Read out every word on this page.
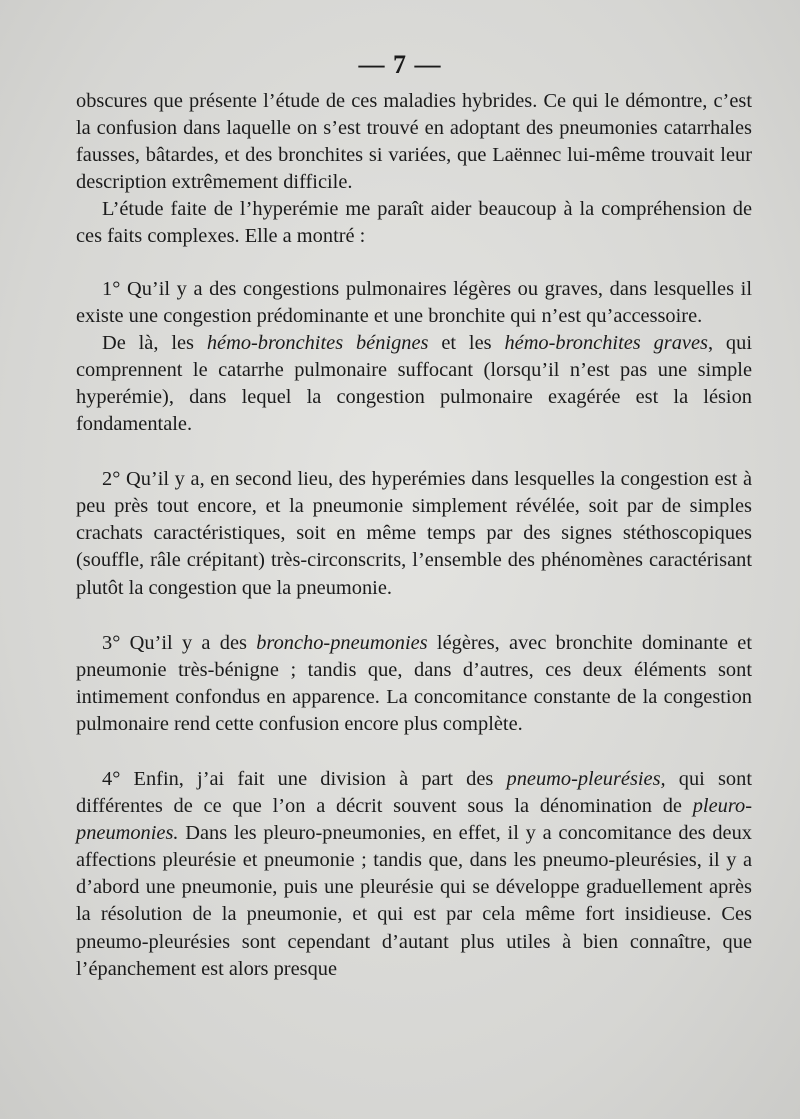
— 7 —

obscures que présente l’étude de ces maladies hybrides. Ce qui le démontre, c’est la confusion dans laquelle on s’est trouvé en adoptant des pneumonies catarrhales fausses, bâtardes, et des bronchites si variées, que Laënnec lui-même trouvait leur description extrêmement difficile.

L’étude faite de l’hyperémie me paraît aider beaucoup à la compréhension de ces faits complexes. Elle a montré :

1° Qu’il y a des congestions pulmonaires légères ou graves, dans lesquelles il existe une congestion prédominante et une bronchite qui n’est qu’accessoire.

De là, les hémo-bronchites bénignes et les hémo-bronchites graves, qui comprennent le catarrhe pulmonaire suffocant (lorsqu’il n’est pas une simple hyperémie), dans lequel la congestion pulmonaire exagérée est la lésion fondamentale.

2° Qu’il y a, en second lieu, des hyperémies dans lesquelles la congestion est à peu près tout encore, et la pneumonie simplement révélée, soit par de simples crachats caractéristiques, soit en même temps par des signes stéthoscopiques (souffle, râle crépitant) très-circonscrits, l’ensemble des phénomènes caractérisant plutôt la congestion que la pneumonie.

3° Qu’il y a des broncho-pneumonies légères, avec bronchite dominante et pneumonie très-bénigne ; tandis que, dans d’autres, ces deux éléments sont intimement confondus en apparence. La concomitance constante de la congestion pulmonaire rend cette confusion encore plus complète.

4° Enfin, j’ai fait une division à part des pneumo-pleurésies, qui sont différentes de ce que l’on a décrit souvent sous la dénomination de pleuro-pneumonies. Dans les pleuro-pneumonies, en effet, il y a concomitance des deux affections pleurésie et pneumonie ; tandis que, dans les pneumo-pleurésies, il y a d’abord une pneumonie, puis une pleurésie qui se développe graduellement après la résolution de la pneumonie, et qui est par cela même fort insidieuse. Ces pneumo-pleurésies sont cependant d’autant plus utiles à bien connaître, que l’épanchement est alors presque
